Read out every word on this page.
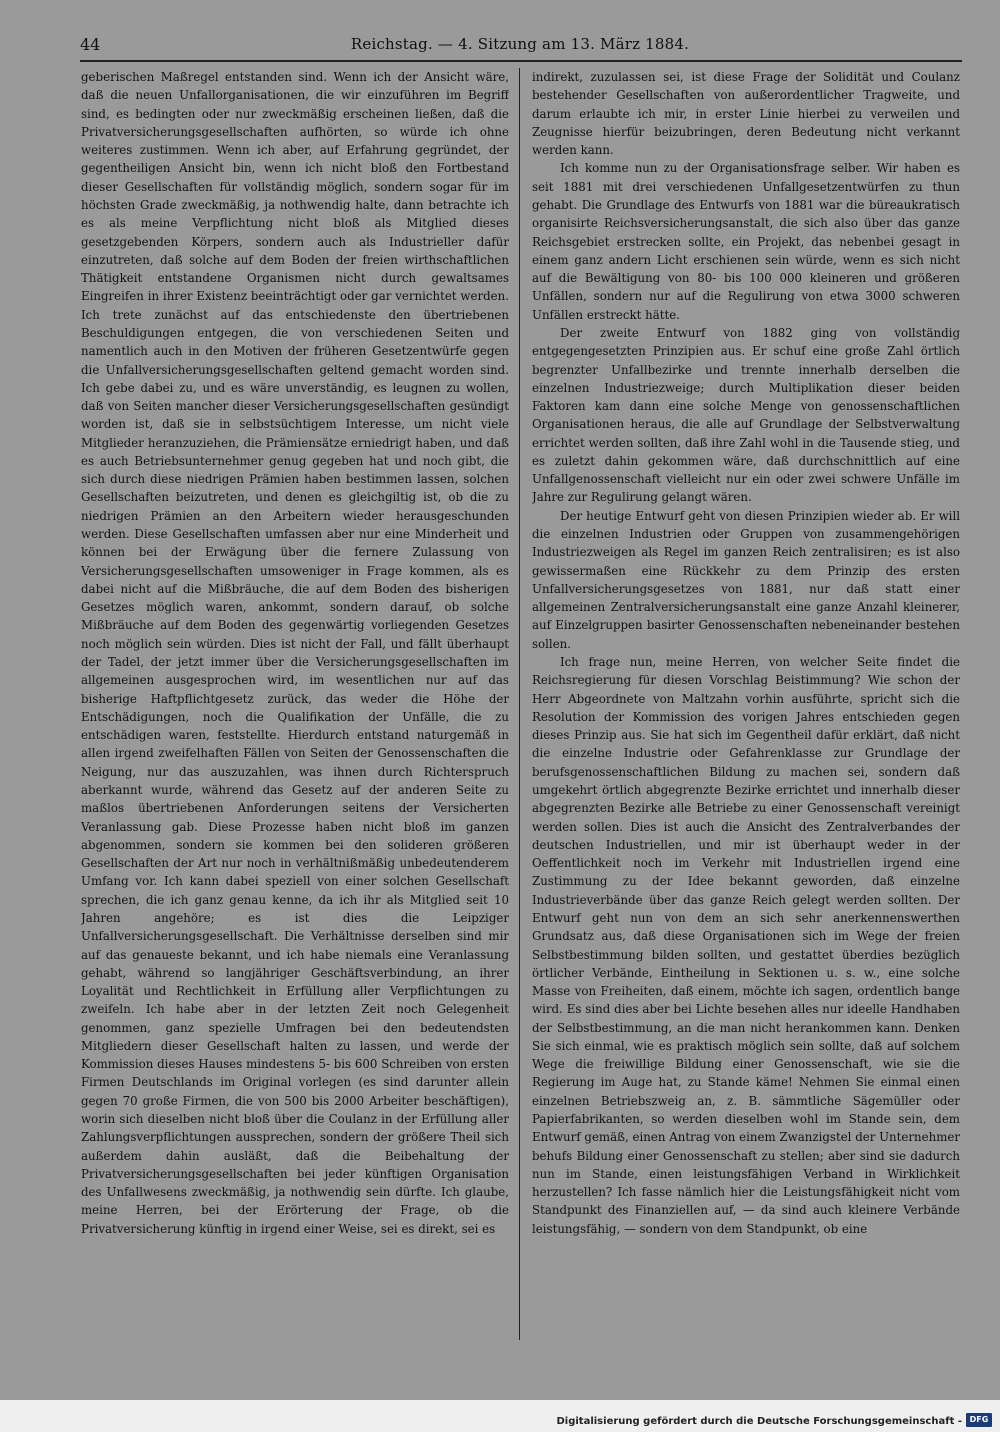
44	Reichstag. — 4. Sitzung am 13. März 1884.

geberischen Maßregel entstanden sind. Wenn ich der Ansicht wäre, daß die neuen Unfallorganisationen, die wir einzuführen im Begriff sind, es bedingten oder nur zweckmäßig erscheinen ließen, daß die Privatversicherungsgesellschaften aufhörten, so würde ich ohne weiteres zustimmen. Wenn ich aber, auf Erfahrung gegründet, der gegentheiligen Ansicht bin, wenn ich nicht bloß den Fortbestand dieser Gesellschaften für vollständig möglich, sondern sogar für im höchsten Grade zweckmäßig, ja nothwendig halte, dann betrachte ich es als meine Verpflichtung nicht bloß als Mitglied dieses gesetzgebenden Körpers, sondern auch als Industrieller dafür einzutreten, daß solche auf dem Boden der freien wirthschaftlichen Thätigkeit entstandene Organismen nicht durch gewaltsames Eingreifen in ihrer Existenz beeinträchtigt oder gar vernichtet werden. Ich trete zunächst auf das entschiedenste den übertriebenen Beschuldigungen entgegen, die von verschiedenen Seiten und namentlich auch in den Motiven der früheren Gesetzentwürfe gegen die Unfallversicherungsgesellschaften geltend gemacht worden sind. Ich gebe dabei zu, und es wäre unverständig, es leugnen zu wollen, daß von Seiten mancher dieser Versicherungsgesellschaften gesündigt worden ist, daß sie in selbstsüchtigem Interesse, um nicht viele Mitglieder heranzuziehen, die Prämiensätze erniedrigt haben, und daß es auch Betriebsunternehmer genug gegeben hat und noch gibt, die sich durch diese niedrigen Prämien haben bestimmen lassen, solchen Gesellschaften beizutreten, und denen es gleichgiltig ist, ob die zu niedrigen Prämien an den Arbeitern wieder herausgeschunden werden. Diese Gesellschaften umfassen aber nur eine Minderheit und können bei der Erwägung über die fernere Zulassung von Versicherungsgesellschaften umsoweniger in Frage kommen, als es dabei nicht auf die Mißbräuche, die auf dem Boden des bisherigen Gesetzes möglich waren, ankommt, sondern darauf, ob solche Mißbräuche auf dem Boden des gegenwärtig vorliegenden Gesetzes noch möglich sein würden. Dies ist nicht der Fall, und fällt überhaupt der Tadel, der jetzt immer über die Versicherungsgesellschaften im allgemeinen ausgesprochen wird, im wesentlichen nur auf das bisherige Haftpflichtgesetz zurück, das weder die Höhe der Entschädigungen, noch die Qualifikation der Unfälle, die zu entschädigen waren, feststellte. Hierdurch entstand naturgemäß in allen irgend zweifelhaften Fällen von Seiten der Genossenschaften die Neigung, nur das auszuzahlen, was ihnen durch Richterspruch aberkannt wurde, während das Gesetz auf der anderen Seite zu maßlos übertriebenen Anforderungen seitens der Versicherten Veranlassung gab. Diese Prozesse haben nicht bloß im ganzen abgenommen, sondern sie kommen bei den solideren größeren Gesellschaften der Art nur noch in verhältnißmäßig unbedeutenderem Umfang vor. Ich kann dabei speziell von einer solchen Gesellschaft sprechen, die ich ganz genau kenne, da ich ihr als Mitglied seit 10 Jahren angehöre; es ist dies die Leipziger Unfallversicherungsgesellschaft. Die Verhältnisse derselben sind mir auf das genaueste bekannt, und ich habe niemals eine Veranlassung gehabt, während so langjähriger Geschäftsverbindung, an ihrer Loyalität und Rechtlichkeit in Erfüllung aller Verpflichtungen zu zweifeln. Ich habe aber in der letzten Zeit noch Gelegenheit genommen, ganz spezielle Umfragen bei den bedeutendsten Mitgliedern dieser Gesellschaft halten zu lassen, und werde der Kommission dieses Hauses mindestens 5- bis 600 Schreiben von ersten Firmen Deutschlands im Original vorlegen (es sind darunter allein gegen 70 große Firmen, die von 500 bis 2000 Arbeiter beschäftigen), worin sich dieselben nicht bloß über die Coulanz in der Erfüllung aller Zahlungsverpflichtungen aussprechen, sondern der größere Theil sich außerdem dahin ausläßt, daß die Beibehaltung der Privatversicherungsgesellschaften bei jeder künftigen Organisation des Unfallwesens zweckmäßig, ja nothwendig sein dürfte. Ich glaube, meine Herren, bei der Erörterung der Frage, ob die Privatversicherung künftig in irgend einer Weise, sei es direkt, sei es

indirekt, zuzulassen sei, ist diese Frage der Solidität und Coulanz bestehender Gesellschaften von außerordentlicher Tragweite, und darum erlaubte ich mir, in erster Linie hierbei zu verweilen und Zeugnisse hierfür beizubringen, deren Bedeutung nicht verkannt werden kann.

Ich komme nun zu der Organisationsfrage selber. Wir haben es seit 1881 mit drei verschiedenen Unfallgesetzentwürfen zu thun gehabt. Die Grundlage des Entwurfs von 1881 war die büreaukratisch organisirte Reichsversicherungsanstalt, die sich also über das ganze Reichsgebiet erstrecken sollte, ein Projekt, das nebenbei gesagt in einem ganz andern Licht erschienen sein würde, wenn es sich nicht auf die Bewältigung von 80- bis 100 000 kleineren und größeren Unfällen, sondern nur auf die Regulirung von etwa 3000 schweren Unfällen erstreckt hätte.

Der zweite Entwurf von 1882 ging von vollständig entgegengesetzten Prinzipien aus. Er schuf eine große Zahl örtlich begrenzter Unfallbezirke und trennte innerhalb derselben die einzelnen Industriezweige; durch Multiplikation dieser beiden Faktoren kam dann eine solche Menge von genossenschaftlichen Organisationen heraus, die alle auf Grundlage der Selbstverwaltung errichtet werden sollten, daß ihre Zahl wohl in die Tausende stieg, und es zuletzt dahin gekommen wäre, daß durchschnittlich auf eine Unfallgenossenschaft vielleicht nur ein oder zwei schwere Unfälle im Jahre zur Regulirung gelangt wären.

Der heutige Entwurf geht von diesen Prinzipien wieder ab. Er will die einzelnen Industrien oder Gruppen von zusammengehörigen Industriezweigen als Regel im ganzen Reich zentralisiren; es ist also gewissermaßen eine Rückkehr zu dem Prinzip des ersten Unfallversicherungsgesetzes von 1881, nur daß statt einer allgemeinen Zentralversicherungsanstalt eine ganze Anzahl kleinerer, auf Einzelgruppen basirter Genossenschaften nebeneinander bestehen sollen.

Ich frage nun, meine Herren, von welcher Seite findet die Reichsregierung für diesen Vorschlag Beistimmung? Wie schon der Herr Abgeordnete von Maltzahn vorhin ausführte, spricht sich die Resolution der Kommission des vorigen Jahres entschieden gegen dieses Prinzip aus. Sie hat sich im Gegentheil dafür erklärt, daß nicht die einzelne Industrie oder Gefahrenklasse zur Grundlage der berufsgenossenschaftlichen Bildung zu machen sei, sondern daß umgekehrt örtlich abgegrenzte Bezirke errichtet und innerhalb dieser abgegrenzten Bezirke alle Betriebe zu einer Genossenschaft vereinigt werden sollen. Dies ist auch die Ansicht des Zentralverbandes der deutschen Industriellen, und mir ist überhaupt weder in der Oeffentlichkeit noch im Verkehr mit Industriellen irgend eine Zustimmung zu der Idee bekannt geworden, daß einzelne Industrieverbände über das ganze Reich gelegt werden sollten. Der Entwurf geht nun von dem an sich sehr anerkennenswerthen Grundsatz aus, daß diese Organisationen sich im Wege der freien Selbstbestimmung bilden sollten, und gestattet überdies bezüglich örtlicher Verbände, Eintheilung in Sektionen u. s. w., eine solche Masse von Freiheiten, daß einem, möchte ich sagen, ordentlich bange wird. Es sind dies aber bei Lichte besehen alles nur ideelle Handhaben der Selbstbestimmung, an die man nicht herankommen kann. Denken Sie sich einmal, wie es praktisch möglich sein sollte, daß auf solchem Wege die freiwillige Bildung einer Genossenschaft, wie sie die Regierung im Auge hat, zu Stande käme! Nehmen Sie einmal einen einzelnen Betriebszweig an, z. B. sämmtliche Sägemüller oder Papierfabrikanten, so werden dieselben wohl im Stande sein, dem Entwurf gemäß, einen Antrag von einem Zwanzigstel der Unternehmer behufs Bildung einer Genossenschaft zu stellen; aber sind sie dadurch nun im Stande, einen leistungsfähigen Verband in Wirklichkeit herzustellen? Ich fasse nämlich hier die Leistungsfähigkeit nicht vom Standpunkt des Finanziellen auf, — da sind auch kleinere Verbände leistungsfähig, — sondern von dem Standpunkt, ob eine

Digitalisierung gefördert durch die Deutsche Forschungsgemeinschaft - DFG
